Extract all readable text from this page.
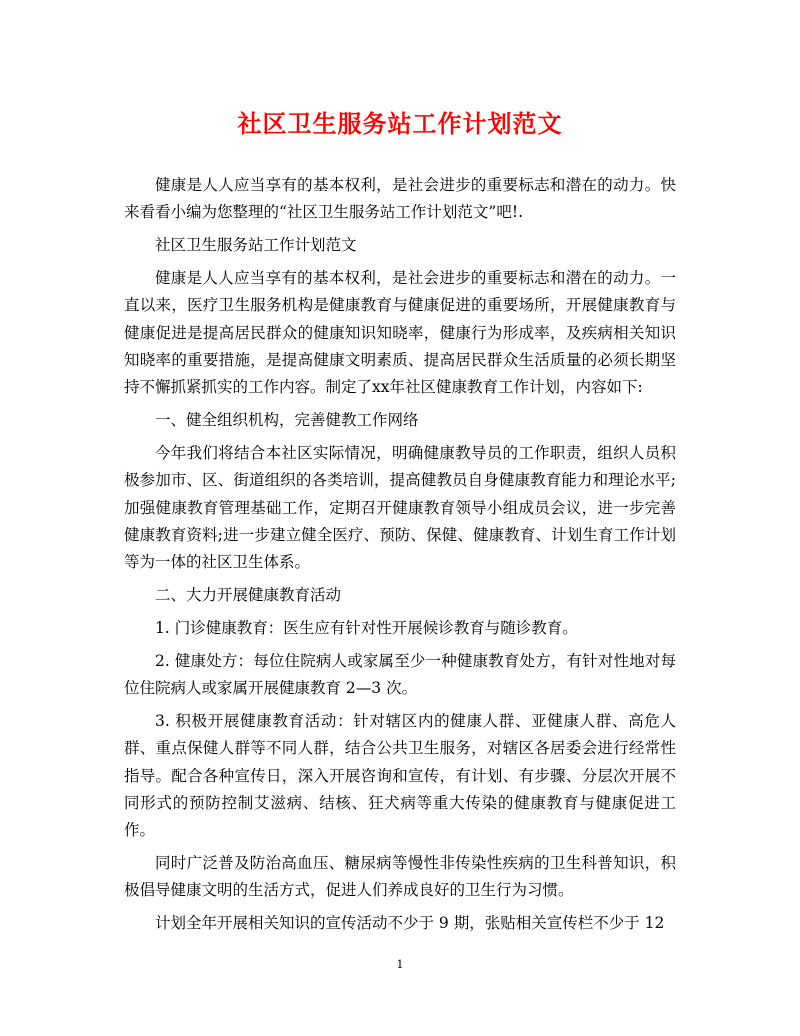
社区卫生服务站工作计划范文

健康是人人应当享有的基本权利，是社会进步的重要标志和潜在的动力。快来看看小编为您整理的“社区卫生服务站工作计划范文”吧!.

社区卫生服务站工作计划范文

健康是人人应当享有的基本权利，是社会进步的重要标志和潜在的动力。一直以来，医疗卫生服务机构是健康教育与健康促进的重要场所，开展健康教育与健康促进是提高居民群众的健康知识知晓率，健康行为形成率，及疾病相关知识知晓率的重要措施，是提高健康文明素质、提高居民群众生活质量的必须长期坚持不懈抓紧抓实的工作内容。制定了xx年社区健康教育工作计划，内容如下:

一、健全组织机构，完善健教工作网络

今年我们将结合本社区实际情况，明确健康教导员的工作职责，组织人员积极参加市、区、街道组织的各类培训，提高健教员自身健康教育能力和理论水平;加强健康教育管理基础工作，定期召开健康教育领导小组成员会议，进一步完善健康教育资料;进一步建立健全医疗、预防、保健、健康教育、计划生育工作计划等为一体的社区卫生体系。

二、大力开展健康教育活动

1. 门诊健康教育：医生应有针对性开展候诊教育与随诊教育。

2. 健康处方：每位住院病人或家属至少一种健康教育处方，有针对性地对每位住院病人或家属开展健康教育 2—3 次。

3. 积极开展健康教育活动：针对辖区内的健康人群、亚健康人群、高危人群、重点保健人群等不同人群，结合公共卫生服务，对辖区各居委会进行经常性指导。配合各种宣传日，深入开展咨询和宣传，有计划、有步骤、分层次开展不同形式的预防控制艾滋病、结核、狂犬病等重大传染的健康教育与健康促进工作。

同时广泛普及防治高血压、糖尿病等慢性非传染性疾病的卫生科普知识，积极倡导健康文明的生活方式，促进人们养成良好的卫生行为习惯。

计划全年开展相关知识的宣传活动不少于 9 期，张贴相关宣传栏不少于 12

1
